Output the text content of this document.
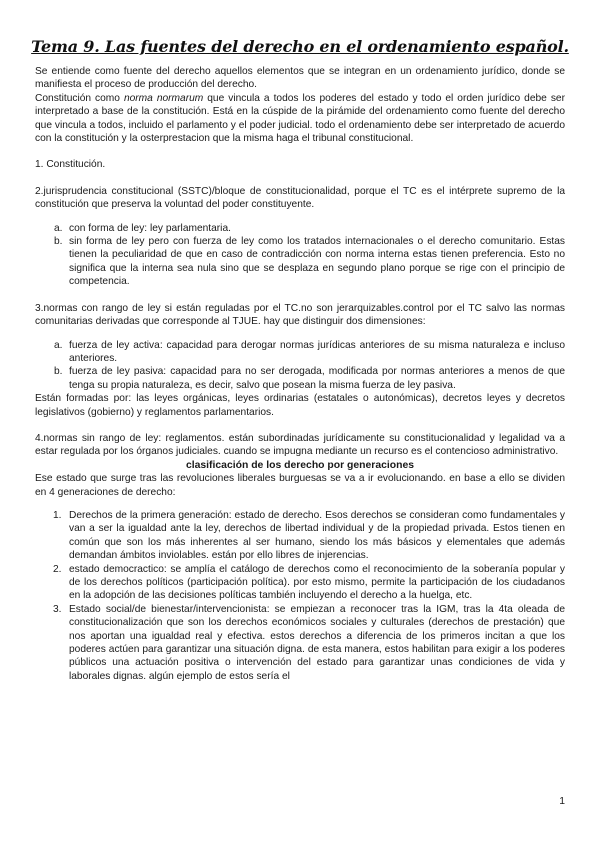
Tema 9. Las fuentes del derecho en el ordenamiento español.

Se entiende como fuente del derecho aquellos elementos que se integran en un ordenamiento jurídico, donde se manifiesta el proceso de producción del derecho.

Constitución como norma normarum que vincula a todos los poderes del estado y todo el orden jurídico debe ser interpretado a base de la constitución. Está en la cúspide de la pirámide del ordenamiento como fuente del derecho que vincula a todos, incluido el parlamento y el poder judicial. todo el ordenamiento debe ser interpretado de acuerdo con la constitución y la osterprestacion que la misma haga el tribunal constitucional.

1. Constitución.

2.jurisprudencia constitucional (SSTC)/bloque de constitucionalidad, porque el TC es el intérprete supremo de la constitución que preserva la voluntad del poder constituyente.

a. con forma de ley: ley parlamentaria.
b. sin forma de ley pero con fuerza de ley como los tratados internacionales o el derecho comunitario. Estas tienen la peculiaridad de que en caso de contradicción con norma interna estas tienen preferencia. Esto no significa que la interna sea nula sino que se desplaza en segundo plano porque se rige con el principio de competencia.

3.normas con rango de ley si están reguladas por el TC.no son jerarquizables.control por el TC salvo las normas comunitarias derivadas que corresponde al TJUE. hay que distinguir dos dimensiones:

a. fuerza de ley activa: capacidad para derogar normas jurídicas anteriores de su misma naturaleza e incluso anteriores.
b. fuerza de ley pasiva: capacidad para no ser derogada, modificada por normas anteriores a menos de que tenga su propia naturaleza, es decir, salvo que posean la misma fuerza de ley pasiva.

Están formadas por: las leyes orgánicas, leyes ordinarias (estatales o autonómicas), decretos leyes y decretos legislativos (gobierno) y reglamentos parlamentarios.

4.normas sin rango de ley: reglamentos. están subordinadas jurídicamente su constitucionalidad y legalidad va a estar regulada por los órganos judiciales. cuando se impugna mediante un recurso es el contencioso administrativo.

clasificación de los derecho por generaciones

Ese estado que surge tras las revoluciones liberales burguesas se va a ir evolucionando. en base a ello se dividen en 4 generaciones de derecho:

1. Derechos de la primera generación: estado de derecho. Esos derechos se consideran como fundamentales y van a ser la igualdad ante la ley, derechos de libertad individual y de la propiedad privada. Estos tienen en común que son los más inherentes al ser humano, siendo los más básicos y elementales que además demandan ámbitos inviolables. están por ello libres de injerencias.
2. estado democractico: se amplía el catálogo de derechos como el reconocimiento de la soberanía popular y de los derechos políticos (participación política). por esto mismo, permite la participación de los ciudadanos en la adopción de las decisiones políticas también incluyendo el derecho a la huelga, etc.
3. Estado social/de bienestar/intervencionista: se empiezan a reconocer tras la IGM, tras la 4ta oleada de constitucionalización que son los derechos económicos sociales y culturales (derechos de prestación) que nos aportan una igualdad real y efectiva. estos derechos a diferencia de los primeros incitan a que los poderes actúen para garantizar una situación digna. de esta manera, estos habilitan para exigir a los poderes públicos una actuación positiva o intervención del estado para garantizar unas condiciones de vida y laborales dignas. algún ejemplo de estos sería el
1
